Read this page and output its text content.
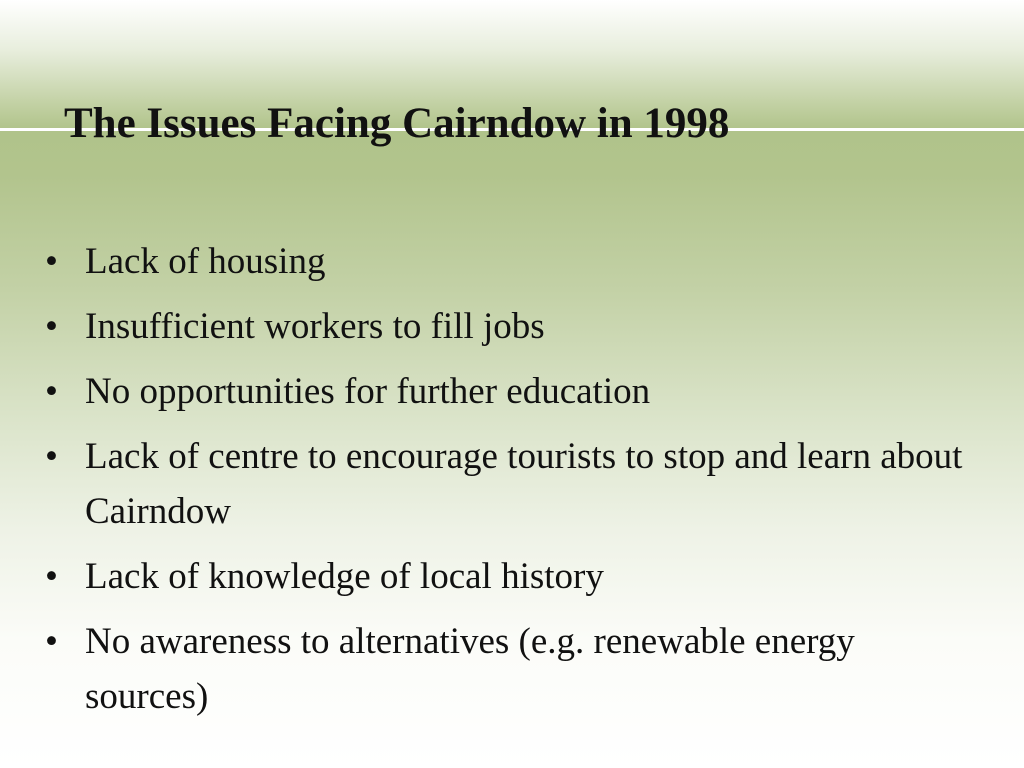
The Issues Facing Cairndow in 1998
• Lack of housing
• Insufficient workers to fill jobs
• No opportunities for further education
• Lack of centre to encourage tourists to stop and learn about Cairndow
• Lack of knowledge of local history
• No awareness to alternatives (e.g. renewable energy sources)
